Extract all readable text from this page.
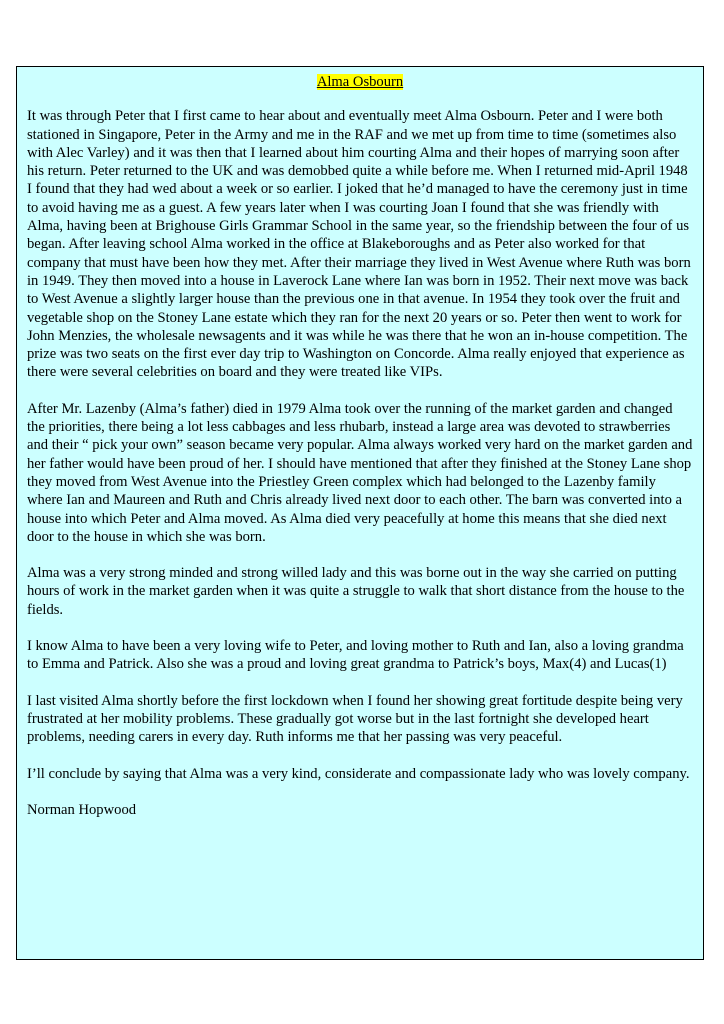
Alma Osbourn

It was through Peter that I first came to hear about and eventually meet Alma Osbourn. Peter and I were both stationed in Singapore, Peter in the Army and me in the RAF and we met up from time to time (sometimes also with Alec Varley) and it was then that I learned about him courting Alma and their hopes of marrying soon after his return. Peter returned to the UK and was demobbed quite a while before me. When I returned mid-April 1948 I found that they had wed about a week or so earlier. I joked that he’d managed to have the ceremony just in time to avoid having me as a guest. A few years later when I was courting Joan I found that she was friendly with Alma, having been at Brighouse Girls Grammar School in the same year, so the friendship between the four of us began. After leaving school Alma worked in the office at Blakeboroughs and as Peter also worked for that company that must have been how they met. After their marriage they lived in West Avenue where Ruth was born in 1949. They then moved into a house in Laverock Lane where Ian was born in 1952. Their next move was back to West Avenue a slightly larger house than the previous one in that avenue. In 1954 they took over the fruit and vegetable shop on the Stoney Lane estate which they ran for the next 20 years or so. Peter then went to work for John Menzies, the wholesale newsagents and it was while he was there that he won an in-house competition. The prize was two seats on the first ever day trip to Washington on Concorde. Alma really enjoyed that experience as there were several celebrities on board and they were treated like VIPs.

After Mr. Lazenby (Alma’s father) died in 1979 Alma took over the running of the market garden and changed the priorities, there being a lot less cabbages and less rhubarb, instead a large area was devoted to strawberries and their “ pick your own” season became very popular. Alma always worked very hard on the market garden and her father would have been proud of her. I should have mentioned that after they finished at the Stoney Lane shop they moved from West Avenue into the Priestley Green complex which had belonged to the Lazenby family where Ian and Maureen and Ruth and Chris already lived next door to each other. The barn was converted into a house into which Peter and Alma moved. As Alma died very peacefully at home this means that she died next door to the house in which she was born.

Alma was a very strong minded and strong willed lady and this was borne out in the way she carried on putting hours of work in the market garden when it was quite a struggle to walk that short distance from the house to the fields.

I know Alma to have been a very loving wife to Peter, and loving mother to Ruth and Ian, also a loving grandma to Emma and Patrick. Also she was a proud and loving great grandma to Patrick’s boys, Max(4) and Lucas(1)

I last visited Alma shortly before the first lockdown when I found her showing great fortitude despite being very frustrated at her mobility problems. These gradually got worse but in the last fortnight she developed heart problems, needing carers in every day. Ruth informs me that her passing was very peaceful.

I’ll conclude by saying that Alma was a very kind, considerate and compassionate lady who was lovely company.

Norman Hopwood
